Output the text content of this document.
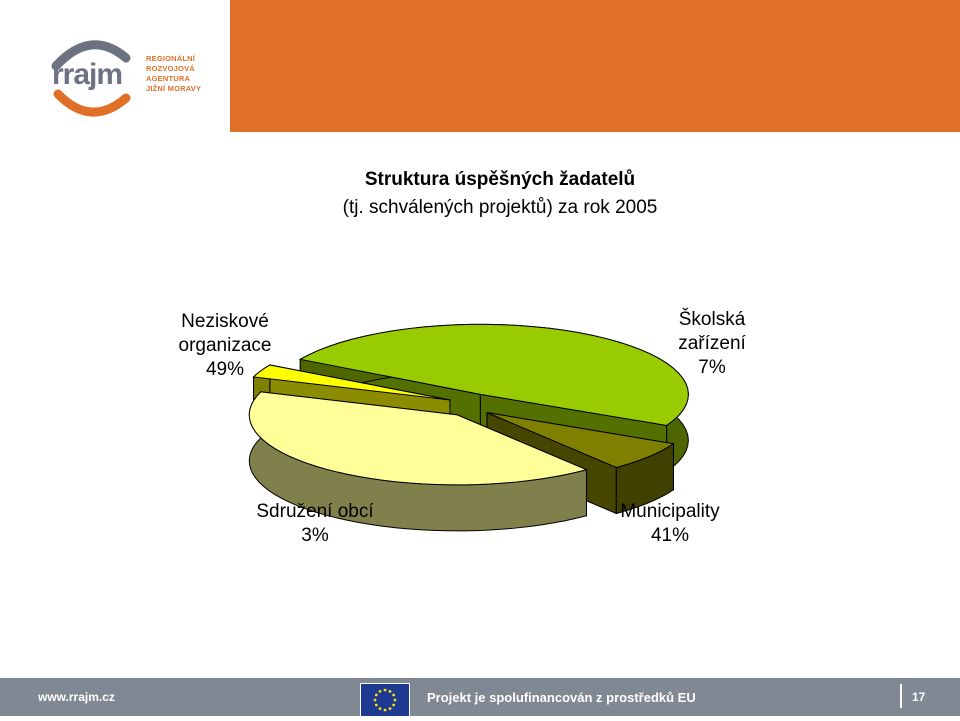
rrajm	REGIONÁLNÍ
ROZVOJOVÁ
AGENTURA
JIŽNÍ MORAVY
Struktura úspěšných žadatelů
(tj. schválených projektů) za rok 2005
Neziskové
organizace
49%
Školská
zařízení
7%
Municipality
41%
Sdružení obcí
3%
www.rrajm.cz	Projekt je spolufinancován z prostředků EU	17
